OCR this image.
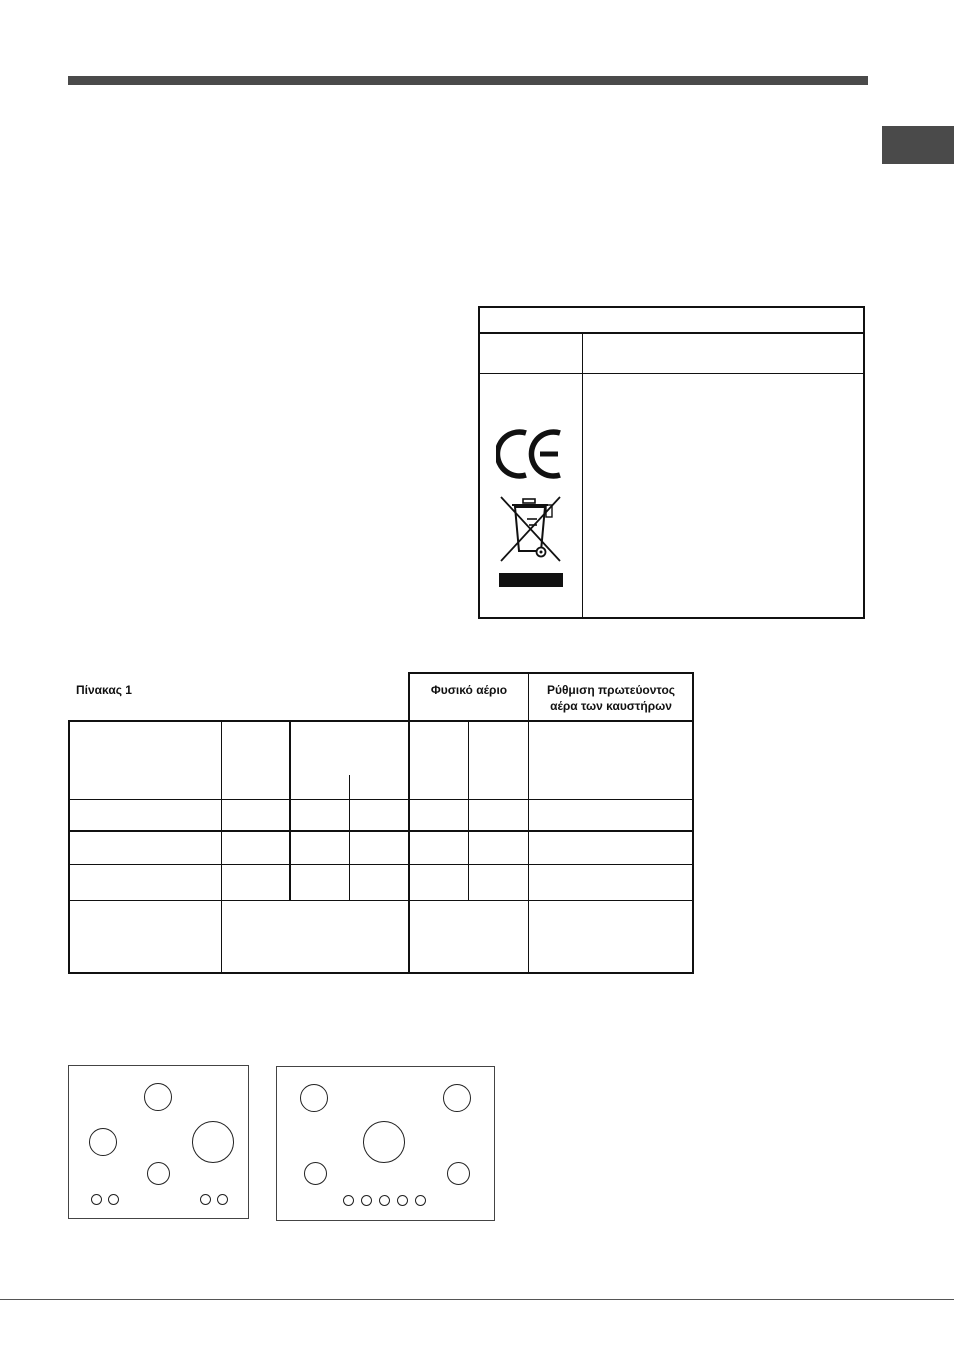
Πίνακας 1	Φυσικό αέριο	Ρύθμιση πρωτεύοντος
αέρα των καυστήρων
